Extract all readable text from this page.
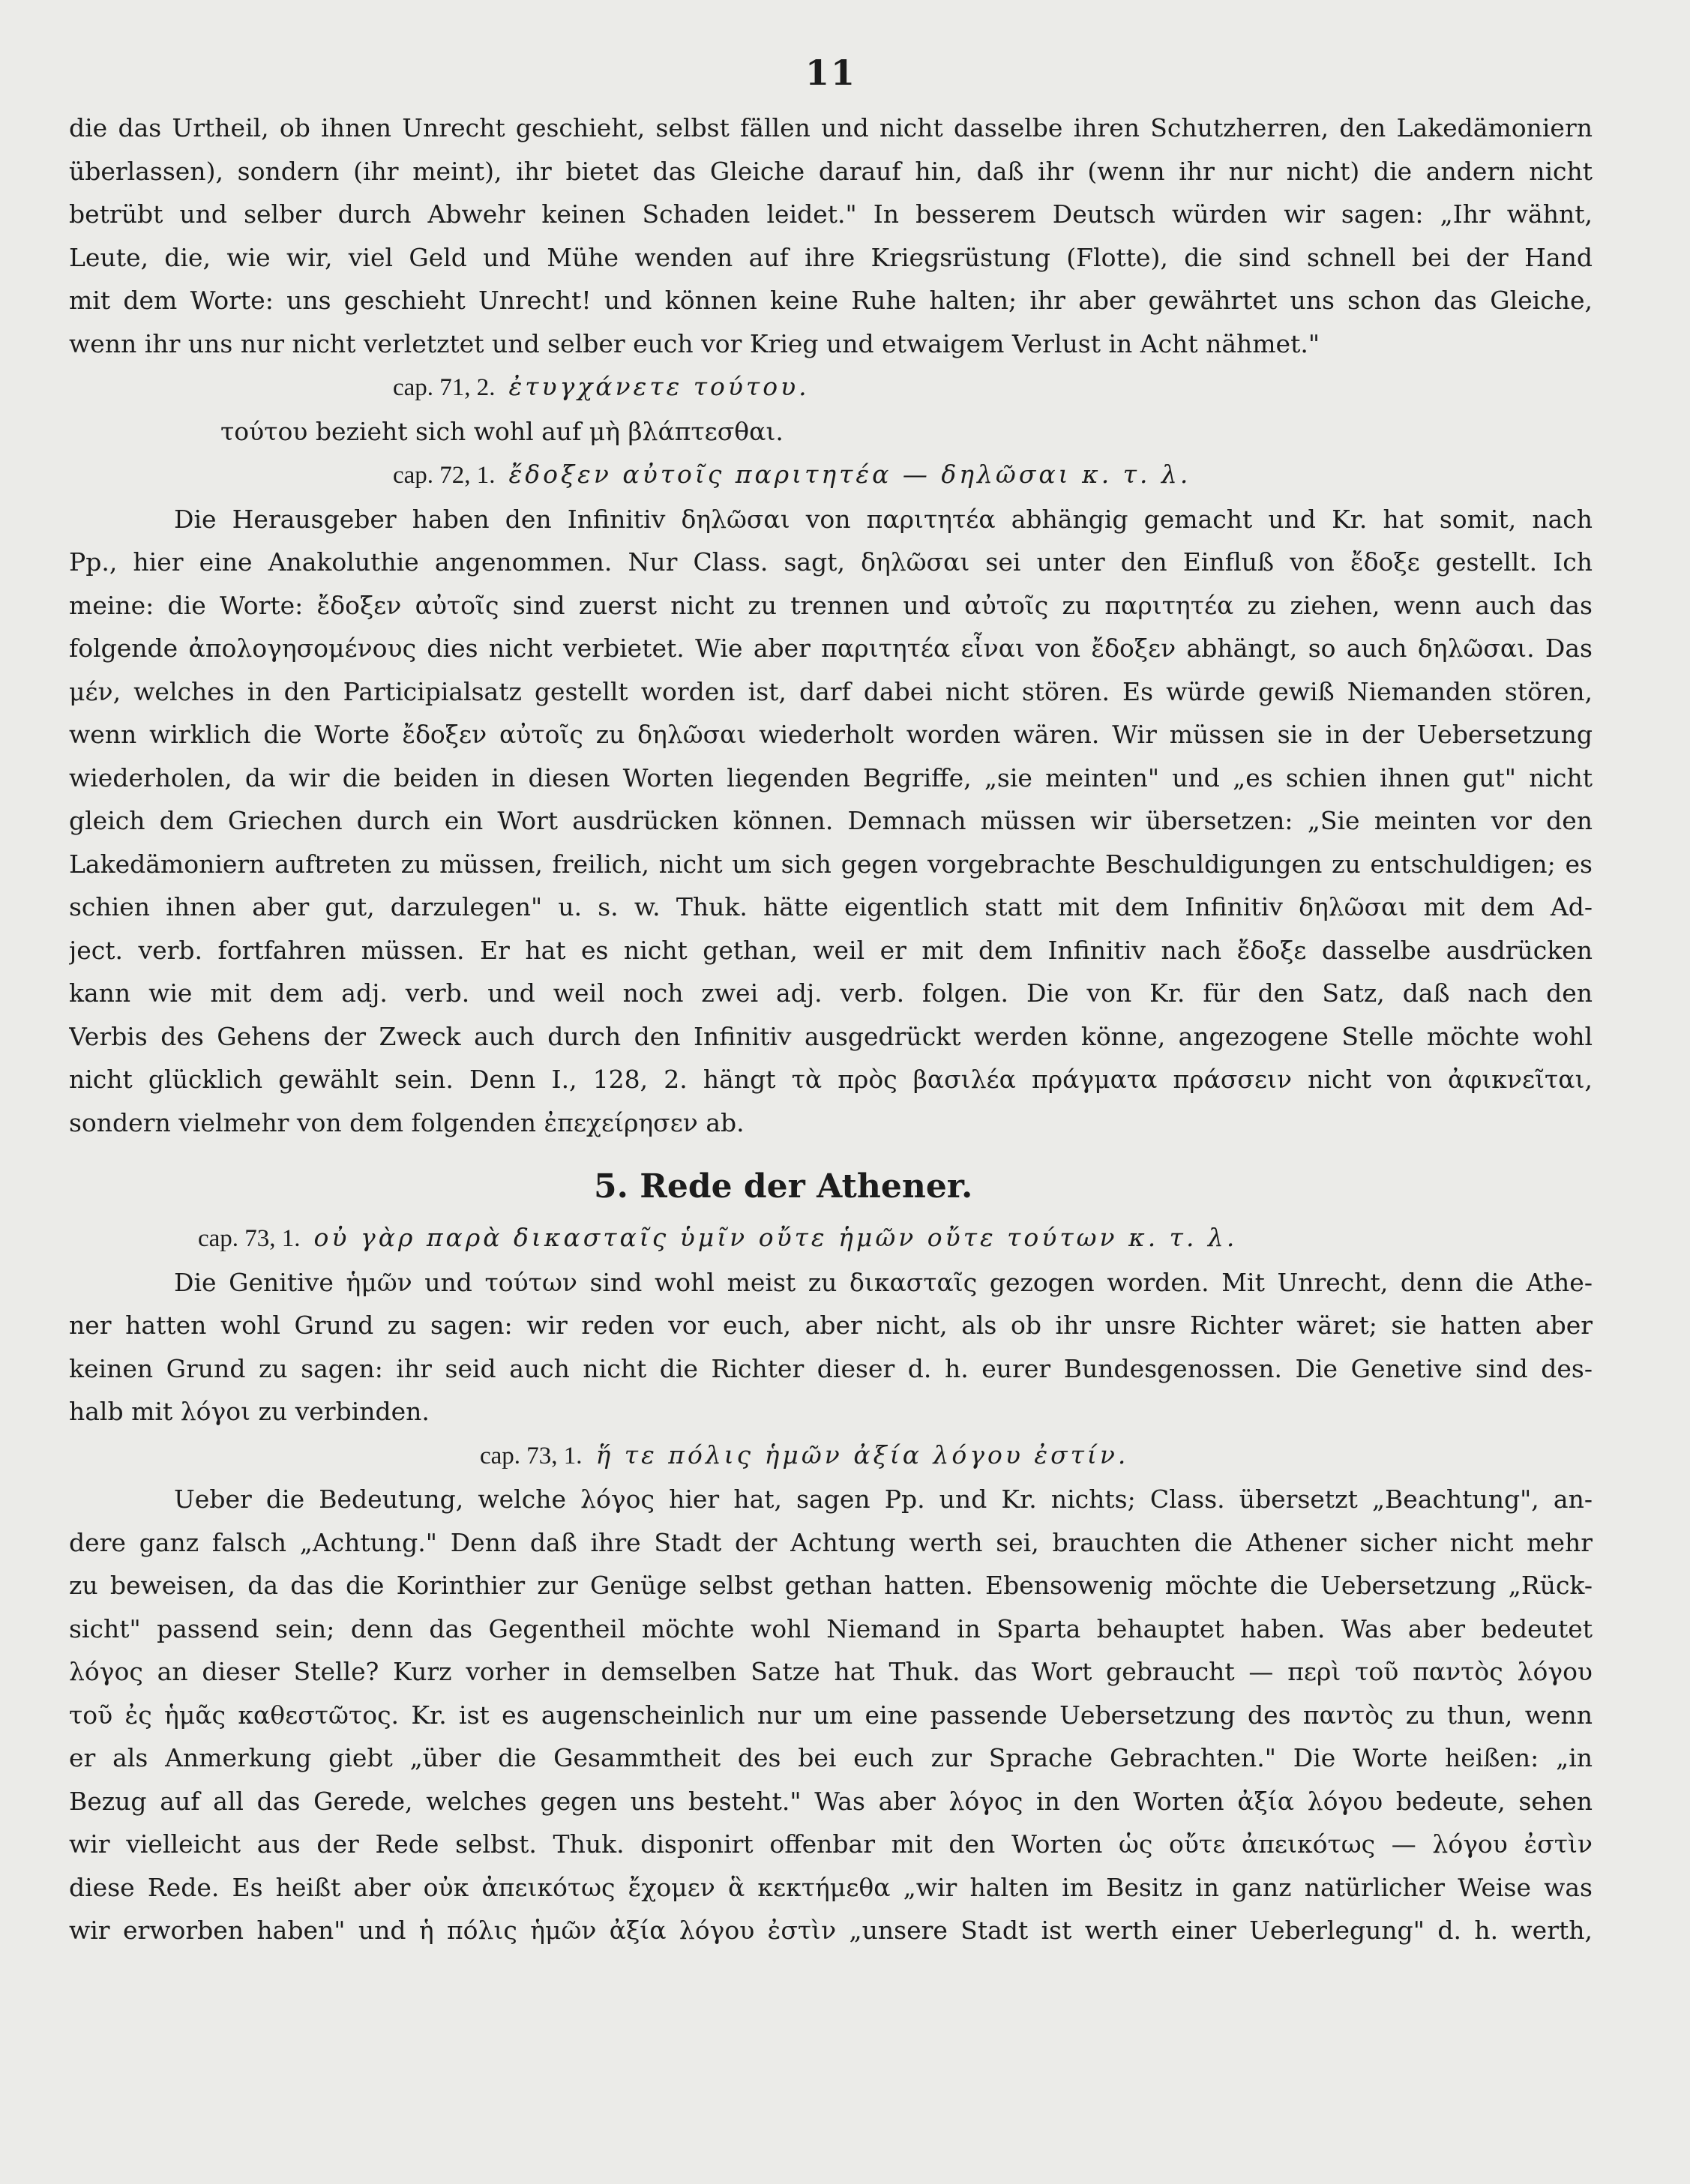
11
die das Urtheil, ob ihnen Unrecht geschieht, selbst fällen und nicht dasselbe ihren Schutzherren, den Lakedämoniern
überlassen), sondern (ihr meint), ihr bietet das Gleiche darauf hin, daß ihr (wenn ihr nur nicht) die andern nicht
betrübt und selber durch Abwehr keinen Schaden leidet." In besserem Deutsch würden wir sagen: „Ihr wähnt,
Leute, die, wie wir, viel Geld und Mühe wenden auf ihre Kriegsrüstung (Flotte), die sind schnell bei der Hand
mit dem Worte: uns geschieht Unrecht! und können keine Ruhe halten; ihr aber gewährtet uns schon das Gleiche,
wenn ihr uns nur nicht verletztet und selber euch vor Krieg und etwaigem Verlust in Acht nähmet."
cap. 71, 2. ἐτυγχάνετε τούτου.
τούτου bezieht sich wohl auf μὴ βλάπτεσθαι.
cap. 72, 1. ἔδοξεν αὐτοῖς παριτητέα — δηλῶσαι κ. τ. λ.
Die Herausgeber haben den Infinitiv δηλῶσαι von παριτητέα abhängig gemacht und Kr. hat somit, nach
Pp., hier eine Anakoluthie angenommen. Nur Class. sagt, δηλῶσαι sei unter den Einfluß von ἔδοξε gestellt. Ich
meine: die Worte: ἔδοξεν αὐτοῖς sind zuerst nicht zu trennen und αὐτοῖς zu παριτητέα zu ziehen, wenn auch das
folgende ἀπολογησομένους dies nicht verbietet. Wie aber παριτητέα εἶναι von ἔδοξεν abhängt, so auch δηλῶσαι. Das
μέν, welches in den Participialsatz gestellt worden ist, darf dabei nicht stören. Es würde gewiß Niemanden stören,
wenn wirklich die Worte ἔδοξεν αὐτοῖς zu δηλῶσαι wiederholt worden wären. Wir müssen sie in der Uebersetzung
wiederholen, da wir die beiden in diesen Worten liegenden Begriffe, „sie meinten" und „es schien ihnen gut" nicht
gleich dem Griechen durch ein Wort ausdrücken können. Demnach müssen wir übersetzen: „Sie meinten vor den
Lakedämoniern auftreten zu müssen, freilich, nicht um sich gegen vorgebrachte Beschuldigungen zu entschuldigen; es
schien ihnen aber gut, darzulegen" u. s. w. Thuk. hätte eigentlich statt mit dem Infinitiv δηλῶσαι mit dem Ad-
ject. verb. fortfahren müssen. Er hat es nicht gethan, weil er mit dem Infinitiv nach ἔδοξε dasselbe ausdrücken
kann wie mit dem adj. verb. und weil noch zwei adj. verb. folgen. Die von Kr. für den Satz, daß nach den
Verbis des Gehens der Zweck auch durch den Infinitiv ausgedrückt werden könne, angezogene Stelle möchte wohl
nicht glücklich gewählt sein. Denn I., 128, 2. hängt τὰ πρὸς βασιλέα πράγματα πράσσειν nicht von ἀφικνεῖται,
sondern vielmehr von dem folgenden ἐπεχείρησεν ab.
5. Rede der Athener.
cap. 73, 1. οὐ γὰρ παρὰ δικασταῖς ὑμῖν οὔτε ἡμῶν οὔτε τούτων κ. τ. λ.
Die Genitive ἡμῶν und τούτων sind wohl meist zu δικασταῖς gezogen worden. Mit Unrecht, denn die Athe-
ner hatten wohl Grund zu sagen: wir reden vor euch, aber nicht, als ob ihr unsre Richter wäret; sie hatten aber
keinen Grund zu sagen: ihr seid auch nicht die Richter dieser d. h. eurer Bundesgenossen. Die Genetive sind des-
halb mit λόγοι zu verbinden.
cap. 73, 1. ἥ τε πόλις ἡμῶν ἀξία λόγου ἐστίν.
Ueber die Bedeutung, welche λόγος hier hat, sagen Pp. und Kr. nichts; Class. übersetzt „Beachtung", an-
dere ganz falsch „Achtung." Denn daß ihre Stadt der Achtung werth sei, brauchten die Athener sicher nicht mehr
zu beweisen, da das die Korinthier zur Genüge selbst gethan hatten. Ebensowenig möchte die Uebersetzung „Rück-
sicht" passend sein; denn das Gegentheil möchte wohl Niemand in Sparta behauptet haben. Was aber bedeutet
λόγος an dieser Stelle? Kurz vorher in demselben Satze hat Thuk. das Wort gebraucht — περὶ τοῦ παντὸς λόγου
τοῦ ἐς ἡμᾶς καθεστῶτος. Kr. ist es augenscheinlich nur um eine passende Uebersetzung des παντὸς zu thun, wenn
er als Anmerkung giebt „über die Gesammtheit des bei euch zur Sprache Gebrachten." Die Worte heißen: „in
Bezug auf all das Gerede, welches gegen uns besteht." Was aber λόγος in den Worten ἀξία λόγου bedeute, sehen
wir vielleicht aus der Rede selbst. Thuk. disponirt offenbar mit den Worten ὡς οὔτε ἀπεικότως — λόγου ἐστὶν
diese Rede. Es heißt aber οὐκ ἀπεικότως ἔχομεν ἃ κεκτήμεθα „wir halten im Besitz in ganz natürlicher Weise was
wir erworben haben" und ἡ πόλις ἡμῶν ἀξία λόγου ἐστὶν „unsere Stadt ist werth einer Ueberlegung" d. h. werth,
